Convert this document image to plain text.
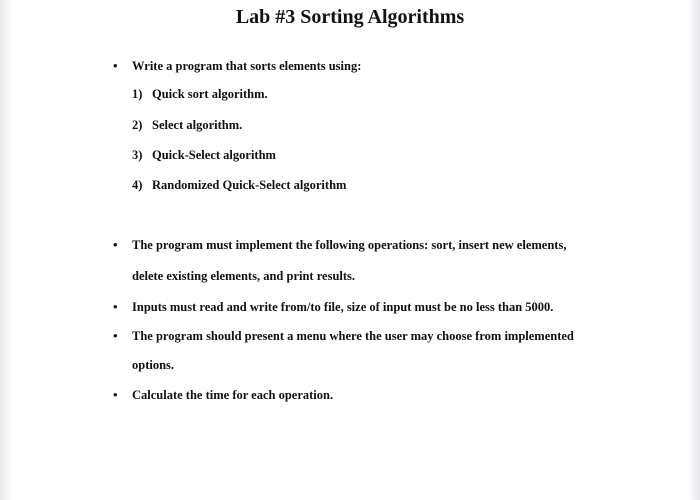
Lab #3 Sorting Algorithms
• Write a program that sorts elements using:
1) Quick sort algorithm.
2) Select algorithm.
3) Quick-Select algorithm
4) Randomized Quick-Select algorithm
• The program must implement the following operations: sort, insert new elements,
delete existing elements, and print results.
• Inputs must read and write from/to file, size of input must be no less than 5000.
• The program should present a menu where the user may choose from implemented
options.
• Calculate the time for each operation.
